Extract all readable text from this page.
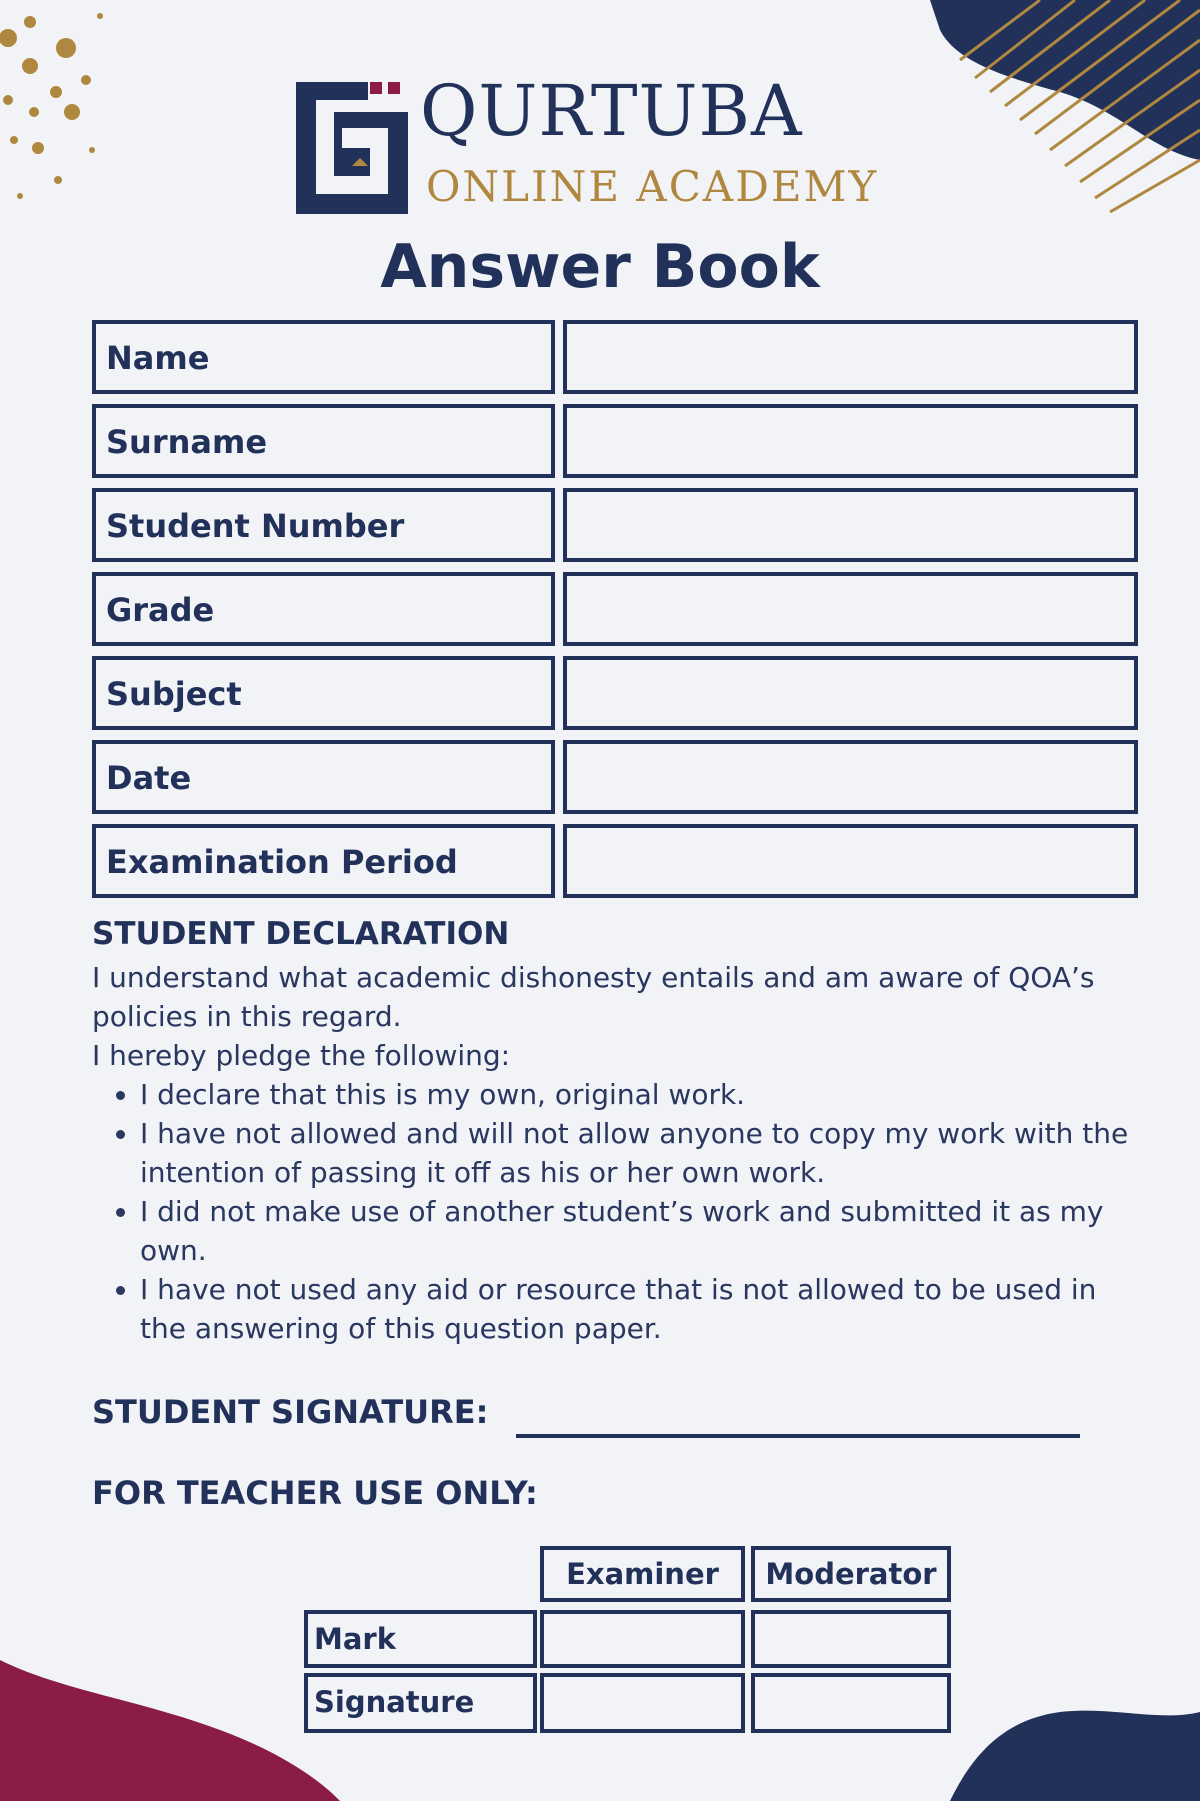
QURTUBA
ONLINE ACADEMY
Answer Book
Name
Surname
Student Number
Grade
Subject
Date
Examination Period
STUDENT DECLARATION

I understand what academic dishonesty entails and am aware of QOA’s policies in this regard.

I hereby pledge the following:

• I declare that this is my own, original work.
• I have not allowed and will not allow anyone to copy my work with the intention of passing it off as his or her own work.
• I did not make use of another student’s work and submitted it as my own.
• I have not used any aid or resource that is not allowed to be used in the answering of this question paper.
STUDENT SIGNATURE:
FOR TEACHER USE ONLY:
Examiner	Moderator
Mark
Signature
